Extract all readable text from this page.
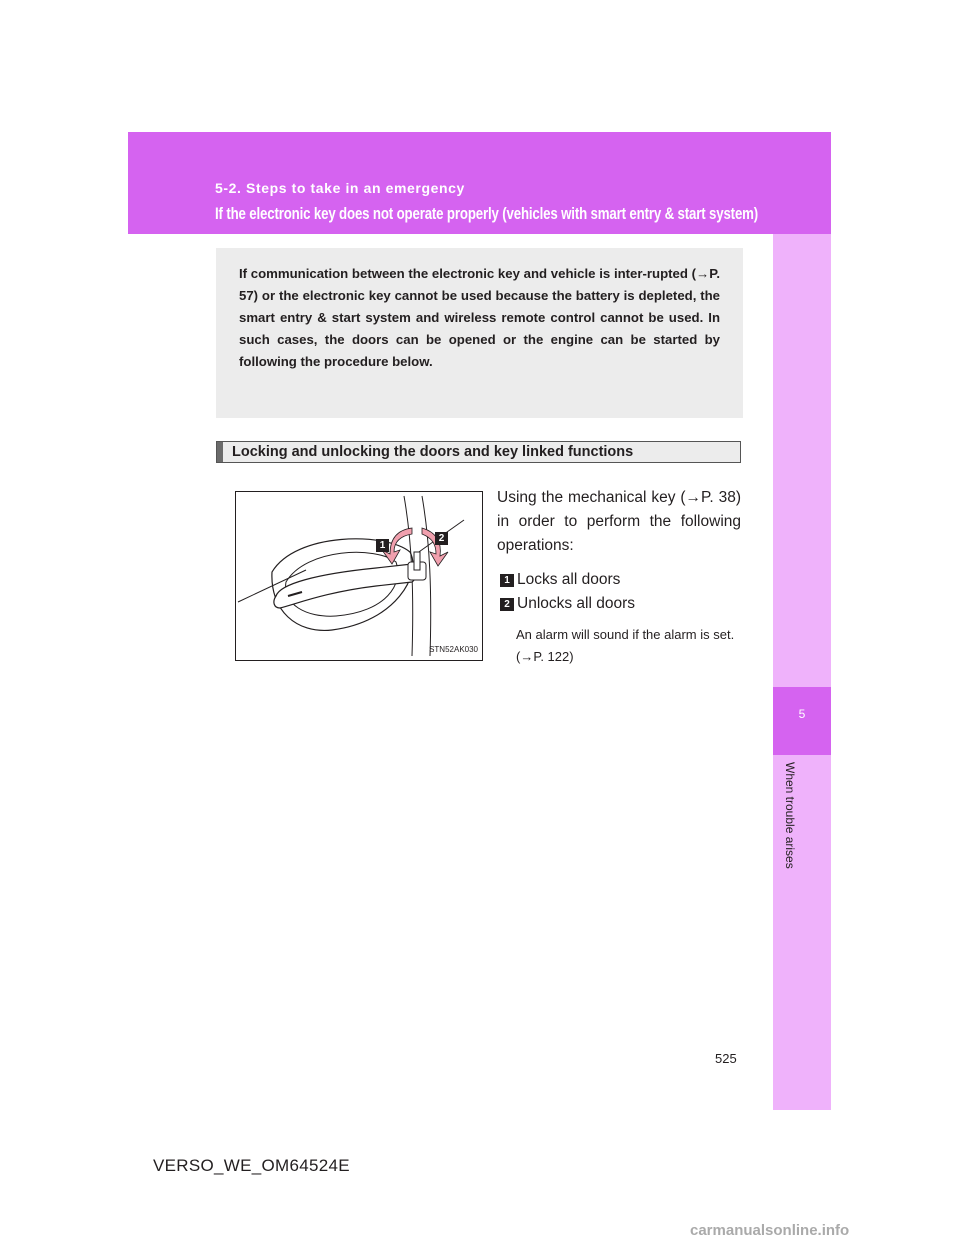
5-2. Steps to take in an emergency
If the electronic key does not operate properly (vehicles with smart entry & start system)
5
When trouble arises

If communication between the electronic key and vehicle is inter-rupted (→P. 57) or the electronic key cannot be used because the battery is depleted, the smart entry & start system and wireless remote control cannot be used. In such cases, the doors can be opened or the engine can be started by following the procedure below.

Locking and unlocking the doors and key linked functions
1
2
STN52AK030

Using the mechanical key (→P. 38) in order to perform the following operations:

1 Locks all doors
2 Unlocks all doors

An alarm will sound if the alarm is set. (→P. 122)

525
VERSO_WE_OM64524E
carmanualsonline.info
